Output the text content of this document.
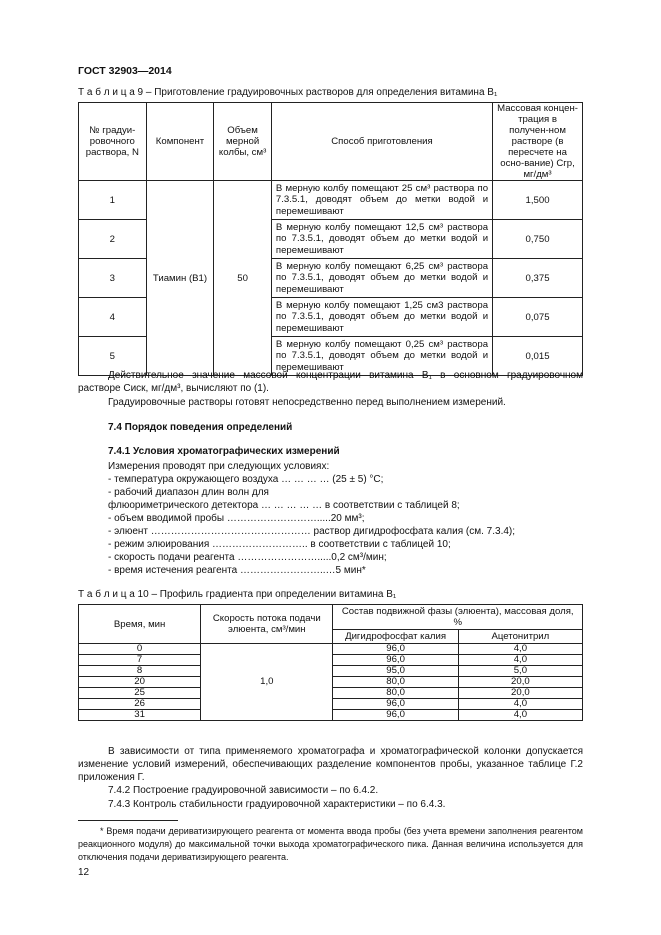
ГОСТ 32903—2014
Т а б л и ц а 9 – Приготовление градуировочных растворов для определения витамина B₁
№ градуи-ровочного раствора, N	Компонент	Объем мерной колбы, см³	Способ приготовления	Массовая концен-трация в получен-ном растворе (в пересчете на осно-вание) Cгр, мг/дм³
1	Тиамин (B1)	50	В мерную колбу помещают 25 см³ раствора по 7.3.5.1, доводят объем до метки водой и перемешивают	1,500
2			В мерную колбу помещают 12,5 см³ раствора по 7.3.5.1, доводят объем до метки водой и перемешивают	0,750
3			В мерную колбу помещают 6,25 см³ раствора по 7.3.5.1, доводят объем до метки водой и перемешивают	0,375
4			В мерную колбу помещают 1,25 см3 раствора по 7.3.5.1, доводят объем до метки водой и перемешивают	0,075
5			В мерную колбу помещают 0,25 см³ раствора по 7.3.5.1, доводят объем до метки водой и перемешивают	0,015
Действительное значение массовой концентрации витамина B₁ в основном градуировочном растворе Cиск, мг/дм³, вычисляют по (1).
Градуировочные растворы готовят непосредственно перед выполнением измерений.
7.4 Порядок поведения определений
7.4.1 Условия хроматографических измерений
Измерения проводят при следующих условиях:
- температура окружающего воздуха … … … … (25 ± 5) °С;
- рабочий диапазон длин волн для
флюориметрического детектора … … … … … в соответствии с таблицей 8;
- объем вводимой пробы ……………………….....20 мм³;
- элюент ………………………………………… раствор дигидрофосфата калия (см. 7.3.4);
- режим элюирования ……………………….. в соответствии с таблицей 10;
- скорость подачи реагента …………………….....0,2 см³/мин;
- время истечения реагента ……………………..…5 мин*
Т а б л и ц а 10 – Профиль градиента при определении витамина B₁
Время, мин	Скорость потока подачи элюента, см³/мин	Состав подвижной фазы (элюента), массовая доля, %	
		Дигидрофосфат калия	Ацетонитрил
0	1,0	96,0	4,0
7		96,0	4,0
8		95,0	5,0
20		80,0	20,0
25		80,0	20,0
26		96,0	4,0
31		96,0	4,0
В зависимости от типа применяемого хроматографа и хроматографической колонки допускается изменение условий измерений, обеспечивающих разделение компонентов пробы, указанное таблице Г.2 приложения Г.
7.4.2 Построение градуировочной зависимости – по 6.4.2.
7.4.3 Контроль стабильности градуировочной характеристики – по 6.4.3.
* Время подачи дериватизирующего реагента от момента ввода пробы (без учета времени заполнения реагентом реакционного модуля) до максимальной точки выхода хроматографического пика. Данная величина используется для отключения подачи дериватизирующего реагента.
12
